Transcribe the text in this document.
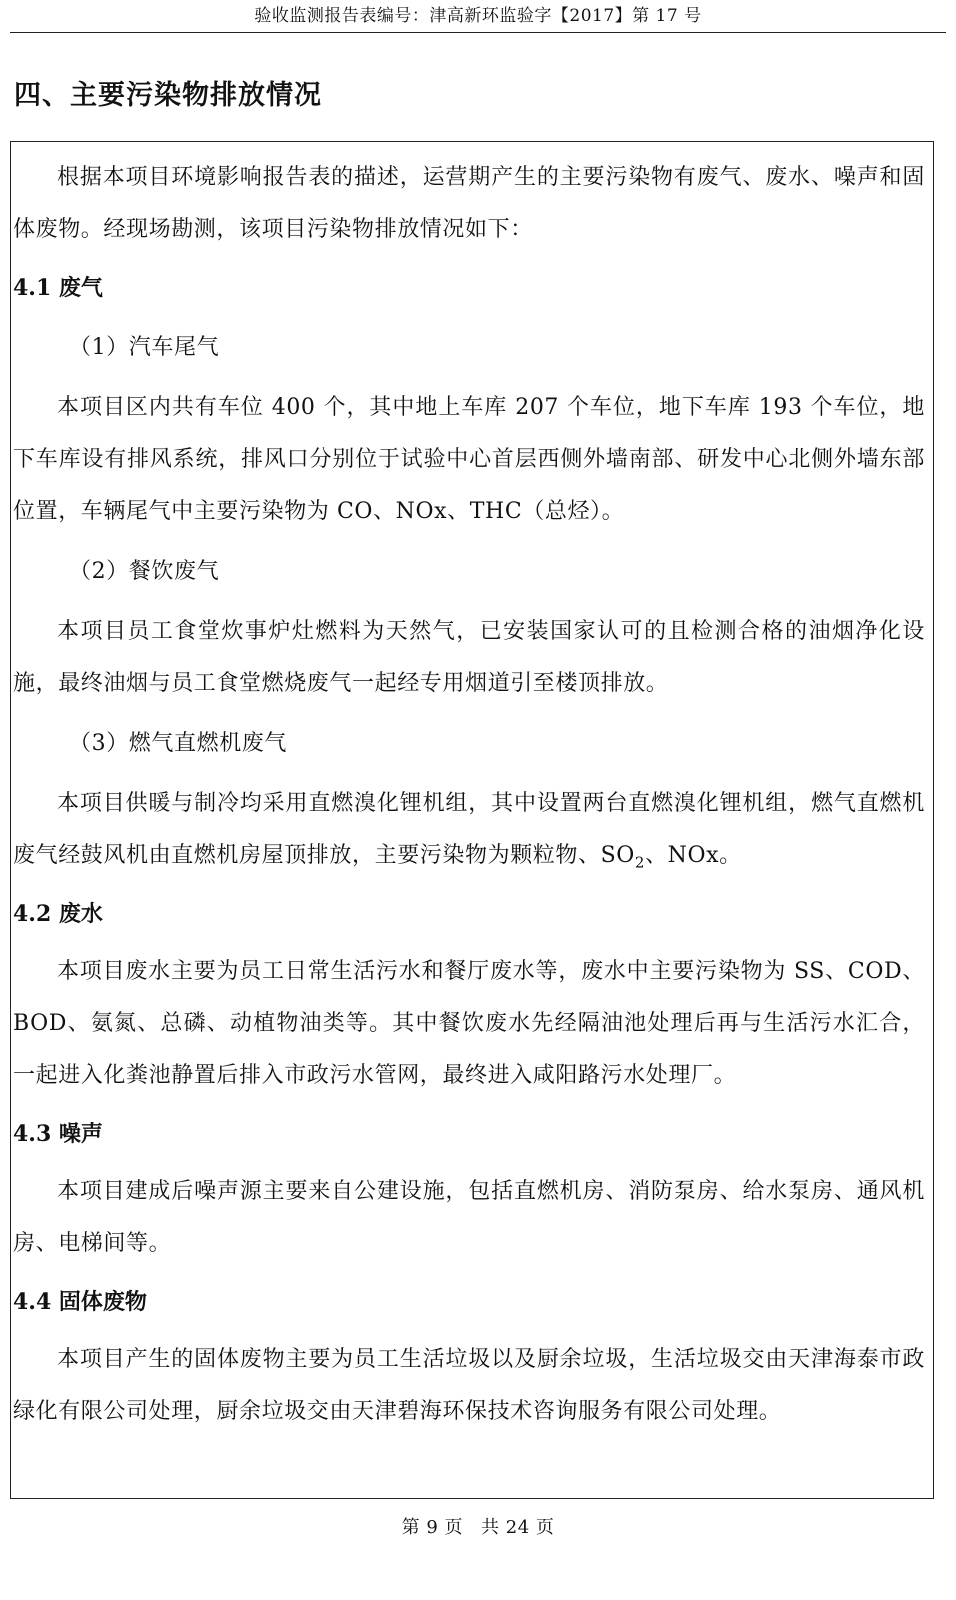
验收监测报告表编号：津高新环监验字【2017】第 17 号
四、主要污染物排放情况

根据本项目环境影响报告表的描述，运营期产生的主要污染物有废气、废水、噪声和固体废物。经现场勘测，该项目污染物排放情况如下：

4.1 废气

（1）汽车尾气

本项目区内共有车位 400 个，其中地上车库 207 个车位，地下车库 193 个车位，地下车库设有排风系统，排风口分别位于试验中心首层西侧外墙南部、研发中心北侧外墙东部位置，车辆尾气中主要污染物为 CO、NOx、THC（总烃）。

（2）餐饮废气

本项目员工食堂炊事炉灶燃料为天然气，已安装国家认可的且检测合格的油烟净化设施，最终油烟与员工食堂燃烧废气一起经专用烟道引至楼顶排放。

（3）燃气直燃机废气

本项目供暖与制冷均采用直燃溴化锂机组，其中设置两台直燃溴化锂机组，燃气直燃机废气经鼓风机由直燃机房屋顶排放，主要污染物为颗粒物、$SO_2$、NOx。

4.2 废水

本项目废水主要为员工日常生活污水和餐厅废水等，废水中主要污染物为 SS、COD、BOD、氨氮、总磷、动植物油类等。其中餐饮废水先经隔油池处理后再与生活污水汇合，一起进入化粪池静置后排入市政污水管网，最终进入咸阳路污水处理厂。

4.3 噪声

本项目建成后噪声源主要来自公建设施，包括直燃机房、消防泵房、给水泵房、通风机房、电梯间等。

4.4 固体废物

本项目产生的固体废物主要为员工生活垃圾以及厨余垃圾，生活垃圾交由天津海泰市政绿化有限公司处理，厨余垃圾交由天津碧海环保技术咨询服务有限公司处理。

第 9 页 共 24 页
